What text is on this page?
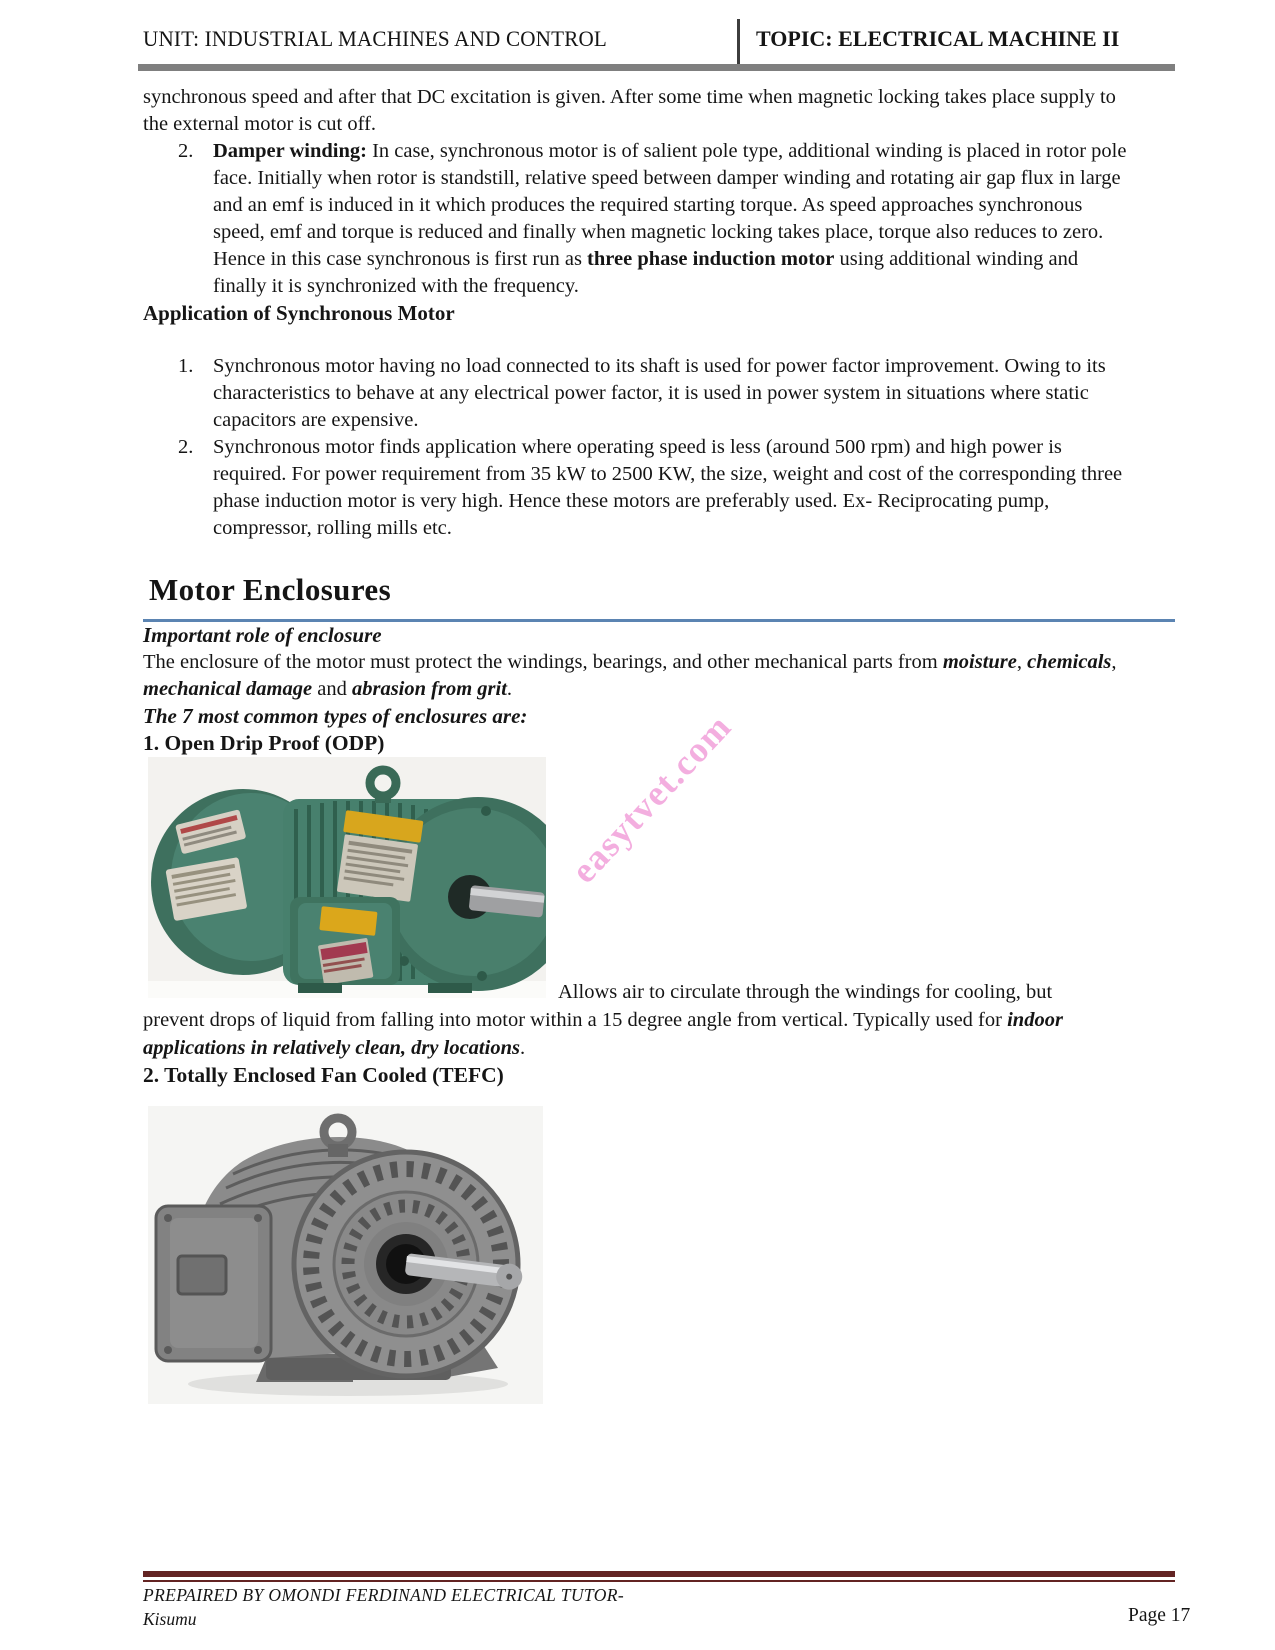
UNIT: INDUSTRIAL MACHINES AND CONTROL	TOPIC: ELECTRICAL MACHINE II

synchronous speed and after that DC excitation is given. After some time when magnetic locking takes place supply to the external motor is cut off.

2. Damper winding: In case, synchronous motor is of salient pole type, additional winding is placed in rotor pole face. Initially when rotor is standstill, relative speed between damper winding and rotating air gap flux in large and an emf is induced in it which produces the required starting torque. As speed approaches synchronous speed, emf and torque is reduced and finally when magnetic locking takes place, torque also reduces to zero. Hence in this case synchronous is first run as three phase induction motor using additional winding and finally it is synchronized with the frequency.

Application of Synchronous Motor

1. Synchronous motor having no load connected to its shaft is used for power factor improvement. Owing to its characteristics to behave at any electrical power factor, it is used in power system in situations where static capacitors are expensive.
2. Synchronous motor finds application where operating speed is less (around 500 rpm) and high power is required. For power requirement from 35 kW to 2500 KW, the size, weight and cost of the corresponding three phase induction motor is very high. Hence these motors are preferably used. Ex- Reciprocating pump, compressor, rolling mills etc.
Motor Enclosures

Important role of enclosure

The enclosure of the motor must protect the windings, bearings, and other mechanical parts from moisture, chemicals, mechanical damage and abrasion from grit.

The 7 most common types of enclosures are:

1. Open Drip Proof (ODP)

Allows air to circulate through the windings for cooling, but
prevent drops of liquid from falling into motor within a 15 degree angle from vertical. Typically used for indoor
applications in relatively clean, dry locations.

2. Totally Enclosed Fan Cooled (TEFC)

easytvet.com
PREPAIRED BY OMONDI FERDINAND ELECTRICAL TUTOR-
Kisumu	Page 17
